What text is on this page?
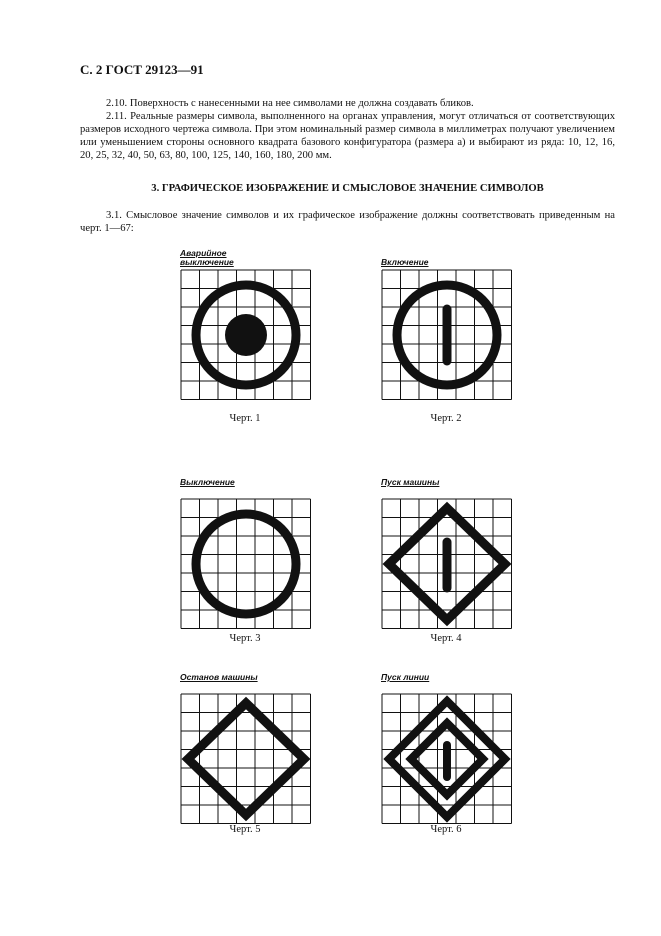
С. 2 ГОСТ 29123—91
2.10. Поверхность с нанесенными на нее символами не должна создавать бликов.
2.11. Реальные размеры символа, выполненного на органах управления, могут отличаться от соответствующих размеров исходного чертежа символа. При этом номинальный размер символа в миллиметрах получают увеличением или уменьшением стороны основного квадрата базового конфигуратора (размера a) и выбирают из ряда: 10, 12, 16, 20, 25, 32, 40, 50, 63, 80, 100, 125, 140, 160, 180, 200 мм.
3. ГРАФИЧЕСКОЕ ИЗОБРАЖЕНИЕ И СМЫСЛОВОЕ ЗНАЧЕНИЕ СИМВОЛОВ
3.1. Смысловое значение символов и их графическое изображение должны соответствовать приведенным на черт. 1—67:
Аварийное
выключение
Черт. 1
Включение
Черт. 2
Выключение
Черт. 3
Пуск машины
Черт. 4
Останов машины
Черт. 5
Пуск линии
Черт. 6
